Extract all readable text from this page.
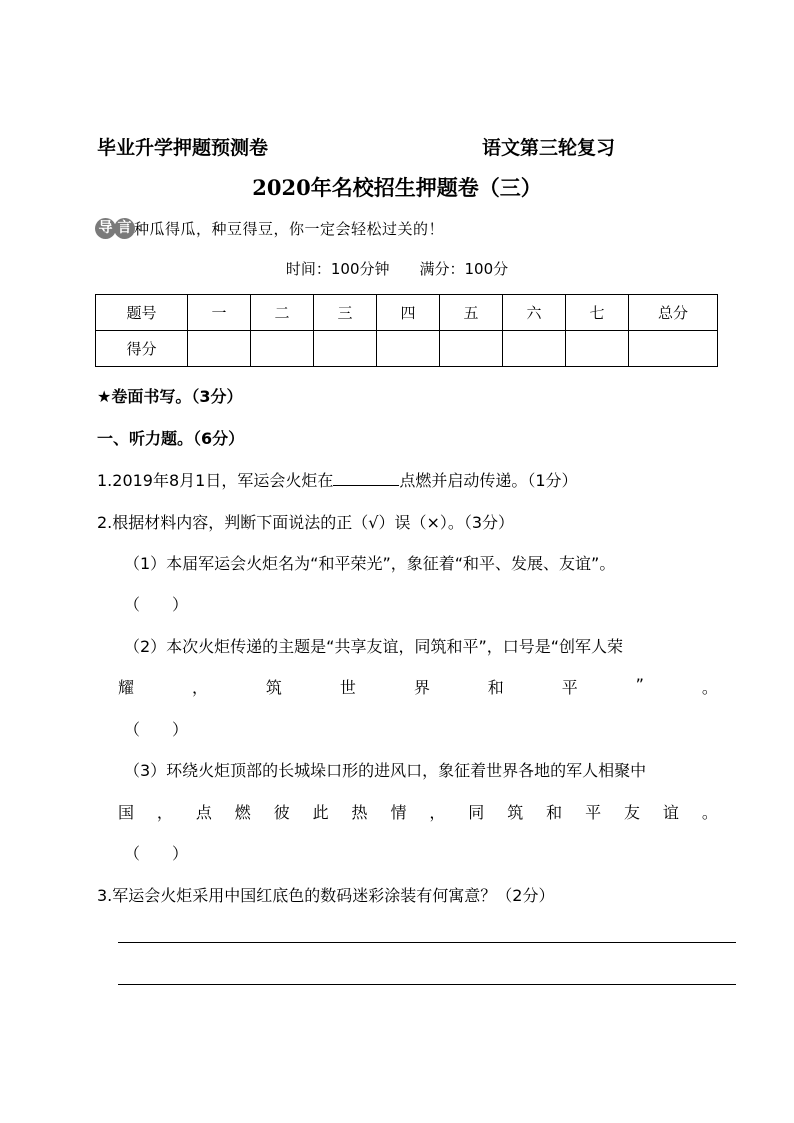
毕业升学押题预测卷	语文第三轮复习
2020年名校招生押题卷（三）
导 言 种瓜得瓜，种豆得豆，你一定会轻松过关的！
时间：100分钟 满分：100分
题号	一	二	三	四	五	六	七	总分
得分								
★卷面书写。（3分）
一、听力题。（6分）
1.2019年8月1日，军运会火炬在	点燃并启动传递。（1分）
2.根据材料内容，判断下面说法的正（√）误（×）。（3分）
（1）本届军运会火炬名为“和平荣光”，象征着“和平、发展、友谊”。
（　　）
（2）本次火炬传递的主题是“共享友谊，同筑和平”，口号是“创军人荣
耀	，	筑	世	界	和	平	”	。
（　　）
（3）环绕火炬顶部的长城垛口形的进风口，象征着世界各地的军人相聚中
国 ， 点 燃 彼 此 热 情 ， 同 筑 和 平 友 谊 。
（　　）
3.军运会火炬采用中国红底色的数码迷彩涂装有何寓意？（2分）
